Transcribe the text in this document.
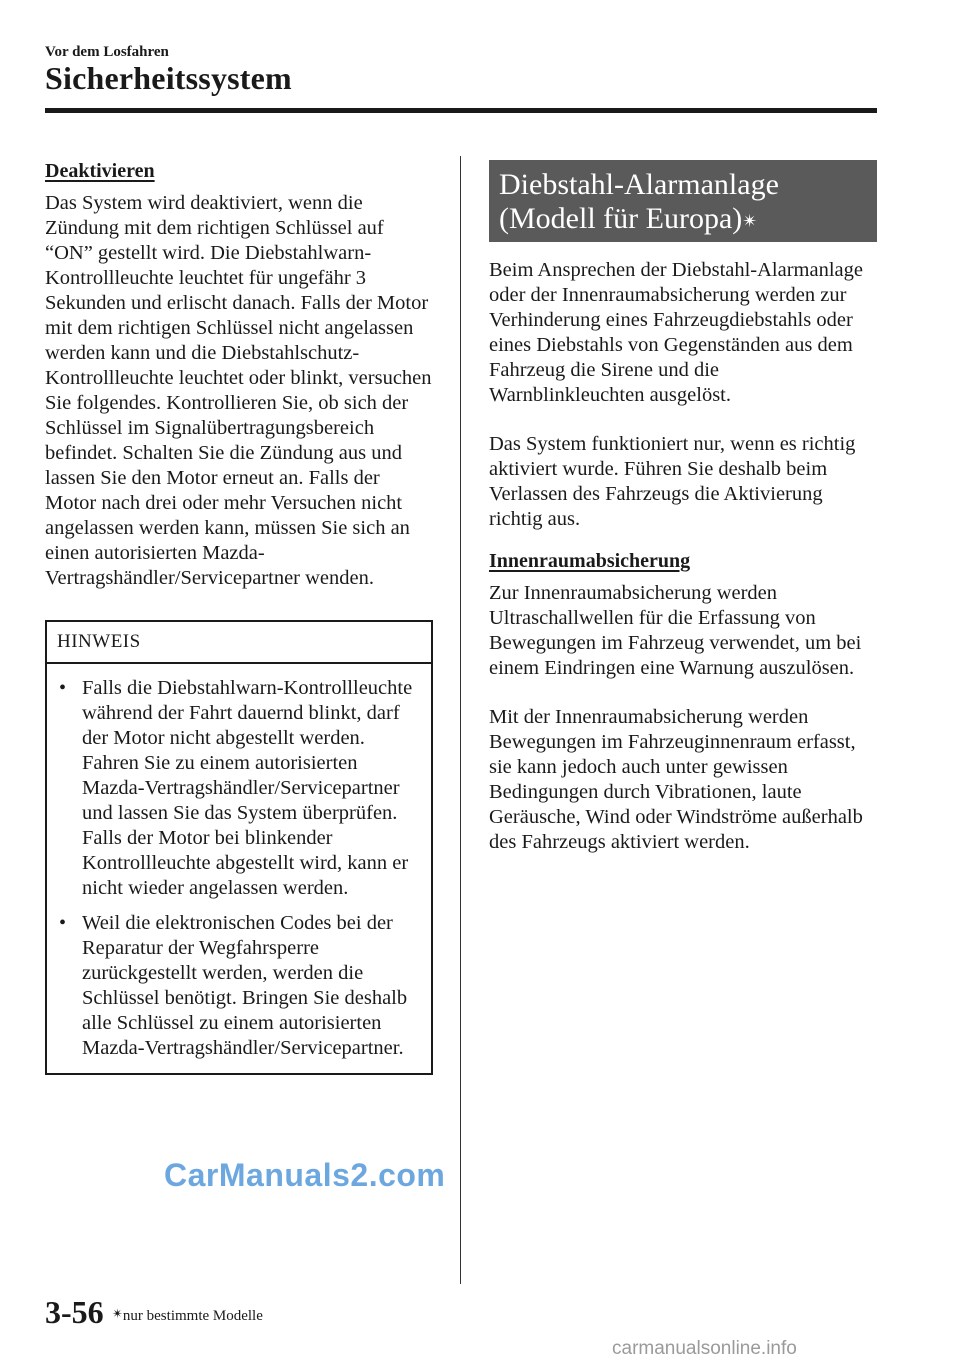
Vor dem Losfahren
Sicherheitssystem
Deaktivieren

Das System wird deaktiviert, wenn die Zündung mit dem richtigen Schlüssel auf “ON” gestellt wird. Die Diebstahlwarn-Kontrollleuchte leuchtet für ungefähr 3 Sekunden und erlischt danach. Falls der Motor mit dem richtigen Schlüssel nicht angelassen werden kann und die Diebstahlschutz-Kontrollleuchte leuchtet oder blinkt, versuchen Sie folgendes. Kontrollieren Sie, ob sich der Schlüssel im Signalübertragungsbereich befindet. Schalten Sie die Zündung aus und lassen Sie den Motor erneut an. Falls der Motor nach drei oder mehr Versuchen nicht angelassen werden kann, müssen Sie sich an einen autorisierten Mazda-Vertragshändler/Servicepartner wenden.

HINWEIS
• Falls die Diebstahlwarn-Kontrollleuchte während der Fahrt dauernd blinkt, darf der Motor nicht abgestellt werden. Fahren Sie zu einem autorisierten Mazda-Vertragshändler/Servicepartner und lassen Sie das System überprüfen. Falls der Motor bei blinkender Kontrollleuchte abgestellt wird, kann er nicht wieder angelassen werden.
• Weil die elektronischen Codes bei der Reparatur der Wegfahrsperre zurückgestellt werden, werden die Schlüssel benötigt. Bringen Sie deshalb alle Schlüssel zu einem autorisierten Mazda-Vertragshändler/Servicepartner.
Diebstahl-Alarmanlage
(Modell für Europa)✴

Beim Ansprechen der Diebstahl-Alarmanlage oder der Innenraumabsicherung werden zur Verhinderung eines Fahrzeugdiebstahls oder eines Diebstahls von Gegenständen aus dem Fahrzeug die Sirene und die Warnblinkleuchten ausgelöst.

Das System funktioniert nur, wenn es richtig aktiviert wurde. Führen Sie deshalb beim Verlassen des Fahrzeugs die Aktivierung richtig aus.

Innenraumabsicherung

Zur Innenraumabsicherung werden Ultraschallwellen für die Erfassung von Bewegungen im Fahrzeug verwendet, um bei einem Eindringen eine Warnung auszulösen.

Mit der Innenraumabsicherung werden Bewegungen im Fahrzeuginnenraum erfasst, sie kann jedoch auch unter gewissen Bedingungen durch Vibrationen, laute Geräusche, Wind oder Windströme außerhalb des Fahrzeugs aktiviert werden.

CarManuals2.com
3-56 ✴nur bestimmte Modelle
carmanualsonline.info
